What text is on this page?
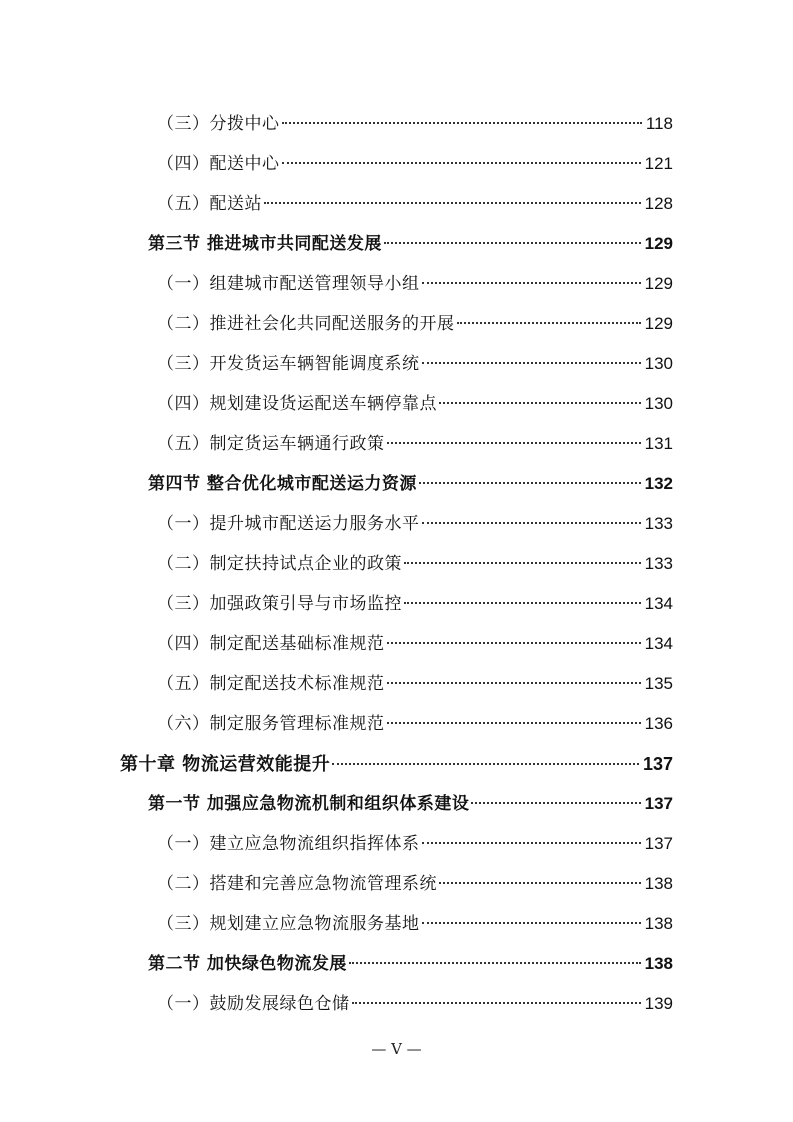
（三）分拨中心	118
（四）配送中心	121
（五）配送站	128
第三节 推进城市共同配送发展	129
（一）组建城市配送管理领导小组	129
（二）推进社会化共同配送服务的开展	129
（三）开发货运车辆智能调度系统	130
（四）规划建设货运配送车辆停靠点	130
（五）制定货运车辆通行政策	131
第四节 整合优化城市配送运力资源	132
（一）提升城市配送运力服务水平	133
（二）制定扶持试点企业的政策	133
（三）加强政策引导与市场监控	134
（四）制定配送基础标准规范	134
（五）制定配送技术标准规范	135
（六）制定服务管理标准规范	136
第十章 物流运营效能提升	137
第一节 加强应急物流机制和组织体系建设	137
（一）建立应急物流组织指挥体系	137
（二）搭建和完善应急物流管理系统	138
（三）规划建立应急物流服务基地	138
第二节 加快绿色物流发展	138
（一）鼓励发展绿色仓储	139
— V —
